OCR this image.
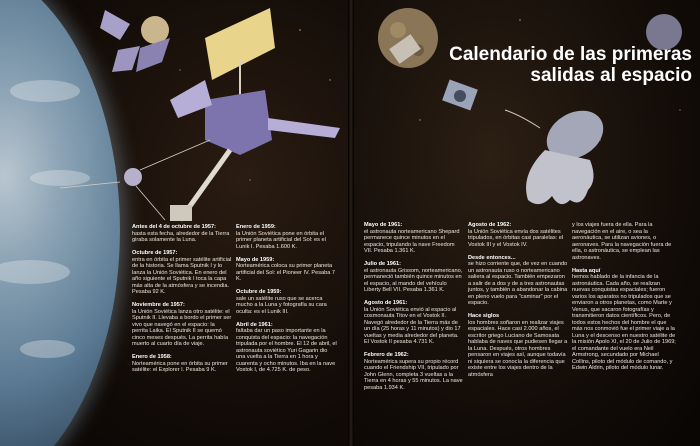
Calendario de las primeras
salidas al espacio

Antes del 4 de octubre de 1957:
hasta esta fecha, alrededor de la Tierra giraba solamente la Luna.

Octubre de 1957:
entra en órbita el primer satélite artificial de la historia. Se llama Sputnik I y lo lanza la Unión Soviética. En enero del año siguiente el Sputnik I toca la capa más alta de la atmósfera y se incendia. Pesaba 92 K.

Noviembre de 1957:
la Unión Soviética lanza otro satélite: el Sputnik II. Llevaba a bordo el primer ser vivo que navegó en el espacio: la perrita Laika. El Sputnik II se quemó cinco meses después. La perrita había muerto al cuarto día de viaje.

Enero de 1958:
Norteamérica pone en órbita su primer satélite: el Explorer I. Pesaba 9 K.

Enero de 1959:
la Unión Soviética pone en órbita el primer planeta artificial del Sol: es el Lunik I. Pesaba 1.600 K.

Mayo de 1959:
Norteamérica coloca su primer planeta artificial del Sol: el Pioneer IV. Pesaba 7 K.

Octubre de 1959:
sale un satélite ruso que se acerca mucho a la Luna y fotografía su cara oculta: es el Lunik III.

Abril de 1961:
faltaba dar un paso importante en la conquista del espacio: la navegación tripulada por el hombre. El 12 de abril, el astronauta soviético Yuri Gagarin dio una vuelta a la Tierra en 1 hora y cuarenta y ocho minutos. Iba en la nave Vostok I, de 4.725 K. de peso.

Mayo de 1961:
el astronauta norteamericano Shepard permanece quince minutos en el espacio, tripulando la nave Freedom VII. Pesaba 1.361 K.

Julio de 1961:
el astronauta Grissom, norteamericano, permaneció también quince minutos en el espacio, al mando del vehículo Liberty Bell VII. Pesaba 1.361 K.

Agosto de 1961:
la Unión Soviética envió al espacio al cosmonauta Titov en el Vostok II. Navegó alrededor de la Tierra más de un día (25 horas y 11 minutos) y dio 17 vueltas y media alrededor del planeta. El Vostok II pesaba 4.731 K.

Febrero de 1962:
Norteamérica supera su propio récord cuando el Friendship VII, tripulado por John Glenn, completa 3 vueltas a la Tierra en 4 horas y 55 minutos. La nave pesaba 1.934 K.

Agosto de 1962:
la Unión Soviética envía dos satélites tripulados, en órbitas casi paralelas: el Vostok III y el Vostok IV.

Desde entonces...
se hizo corriente que, de vez en cuando un astronauta ruso o norteamericano saliera al espacio. También empezaron a salir de a dos y de a tres astronautas juntos, y también a abandonar la cabina en pleno vuelo para "caminar" por el espacio.

Hace siglos
los hombres soñaron en realizar viajes espaciales. Hace casi 2.000 años, el escritor griego Luciano de Samosata hablaba de naves que pudiesen llegar a la Luna. Después, otros hombres pensaron en viajes así, aunque todavía ni siquiera se conocía la diferencia que existe entre los viajes dentro de la atmósfera

y los viajes fuera de ella. Para la navegación en el aire, o sea la aeronáutica, se utilizan aviones, o aeronaves. Para la navegación fuera de ella, o astronáutica, se emplean las astronaves.

Hasta aquí
hemos hablado de la infancia de la astronáutica. Cada año, se realizan nuevas conquistas espaciales; fueron varios los aparatos no tripulados que se enviaron a otros planetas, como Marte y Venus, que sacaron fotografías y transmitieron datos científicos. Pero, de todos estos hechos del hombre el que más nos conmovió fue el primer viaje a la Luna y el descenso en nuestro satélite de la misión Apolo XI, el 20 de Julio de 1969; el comandante del vuelo era Neil Armstrong, secundado por Michael Collins, piloto del módulo de comando, y Edwin Aldrin, piloto del módulo lunar.
